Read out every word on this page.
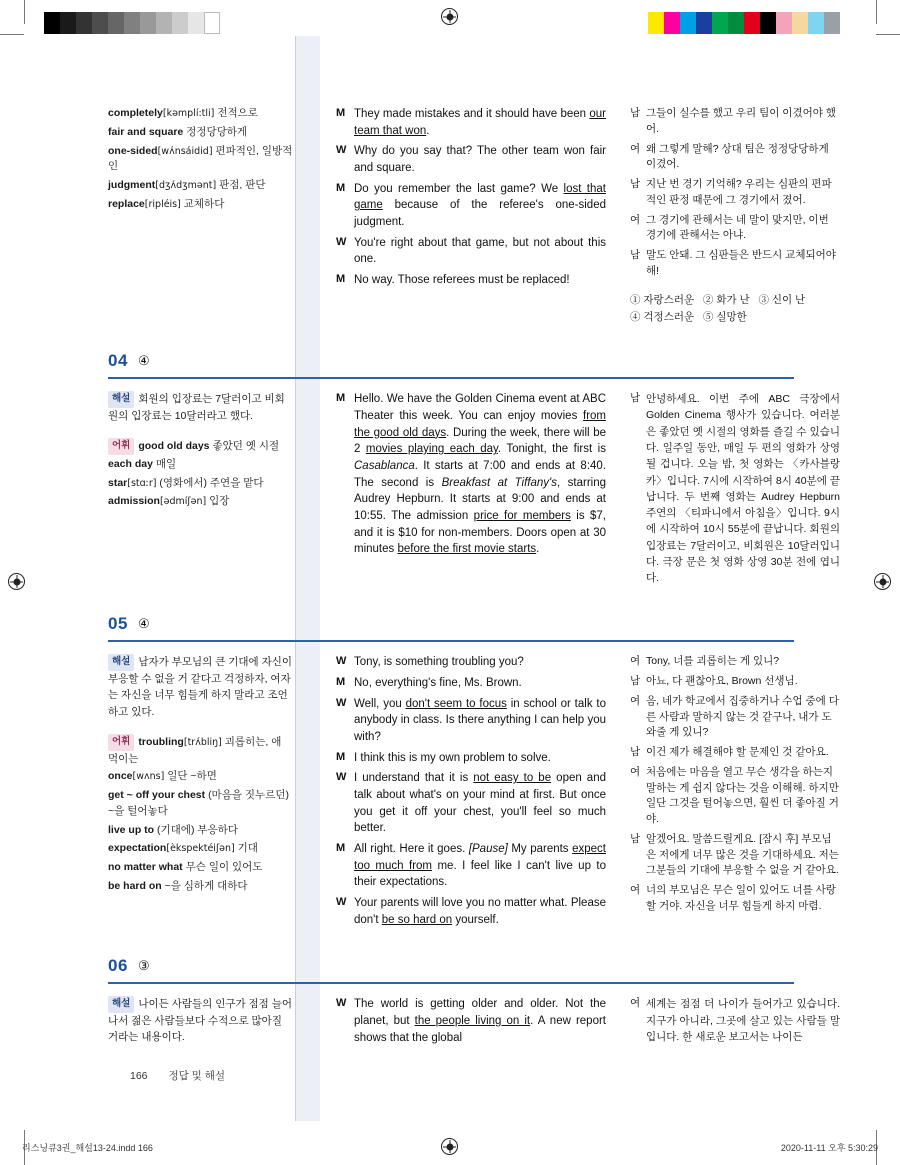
completely[kəmplí:tli] 전적으로
fair and square 정정당당하게
one-sided[wʌ́nsáidid] 편파적인, 일방적인
judgment[dʒʌ́dʒmənt] 판점, 판단
replace[ripléis] 교체하다
M They made mistakes and it should have been our team that won.
W Why do you say that? The other team won fair and square.
M Do you remember the last game? We lost that game because of the referee's one-sided judgment.
W You're right about that game, but not about this one.
M No way. Those referees must be replaced!
남 그들이 실수를 했고 우리 팀이 이겼어야 했어.
여 왜 그렇게 말해? 상대 팀은 정정당당하게 이겼어.
남 지난 번 경기 기억해? 우리는 심판의 편파적인 판정 때문에 그 경기에서 졌어.
여 그 경기에 관해서는 네 말이 맞지만, 이번 경기에 관해서는 아냐.
남 말도 안돼. 그 심판들은 반드시 교체되어야 해!
① 자랑스러운 ② 화가 난 ③ 신이 난
④ 걱정스러운 ⑤ 실망한
04 ④
해설 회원의 입장료는 7달러이고 비회원의 입장료는 10달러라고 했다.
어휘 good old days 좋았던 옛 시절
each day 매일
star[stɑːr] (영화에서) 주연을 맡다
admission[ədmíʃən] 입장
M Hello. We have the Golden Cinema event at ABC Theater this week. You can enjoy movies from the good old days. During the week, there will be 2 movies playing each day. Tonight, the first is Casablanca. It starts at 7:00 and ends at 8:40. The second is Breakfast at Tiffany's, starring Audrey Hepburn. It starts at 9:00 and ends at 10:55. The admission price for members is $7, and it is $10 for non-members. Doors open at 30 minutes before the first movie starts.
남 안녕하세요. 이번 주에 ABC 극장에서 Golden Cinema 행사가 있습니다. 여러분은 좋았던 옛 시절의 영화를 즐길 수 있습니다. 일주일 동안, 매일 두 편의 영화가 상영될 겁니다. 오늘 밤, 첫 영화는 〈카사블랑카〉입니다. 7시에 시작하여 8시 40분에 끝납니다. 두 번째 영화는 Audrey Hepburn 주연의 〈티파니에서 아침을〉입니다. 9시에 시작하여 10시 55분에 끝납니다. 회원의 입장료는 7달러이고, 비회원은 10달러입니다. 극장 문은 첫 영화 상영 30분 전에 엽니다.
05 ④
해설 남자가 부모님의 큰 기대에 자신이 부응할 수 없을 거 같다고 걱정하자, 여자는 자신을 너무 힘들게 하지 말라고 조언하고 있다.
어휘 troubling[trʌ́bliŋ] 괴롭히는, 애 먹이는
once[wʌns] 일단 ~하면
get ~ off your chest (마음을 짓누르던) ~을 털어놓다
live up to (기대에) 부응하다
expectation[èkspektéiʃən] 기대
no matter what 무슨 일이 있어도
be hard on ~을 심하게 대하다
W Tony, is something troubling you?
M No, everything's fine, Ms. Brown.
W Well, you don't seem to focus in school or talk to anybody in class. Is there anything I can help you with?
M I think this is my own problem to solve.
W I understand that it is not easy to be open and talk about what's on your mind at first. But once you get it off your chest, you'll feel so much better.
M All right. Here it goes. [Pause] My parents expect too much from me. I feel like I can't live up to their expectations.
W Your parents will love you no matter what. Please don't be so hard on yourself.
여 Tony, 너를 괴롭히는 게 있니?
남 아뇨, 다 괜찮아요, Brown 선생님.
여 음, 네가 학교에서 집중하거나 수업 중에 다른 사람과 말하지 않는 것 같구나, 내가 도와줄 게 있니?
남 이건 제가 해결해야 할 문제인 것 같아요.
여 처음에는 마음을 열고 무슨 생각을 하는지 말하는 게 쉽지 않다는 것을 이해해. 하지만 일단 그것을 털어놓으면, 훨씬 더 좋아질 거야.
남 알겠어요. 말씀드릴게요. [잠시 후] 부모님은 저에게 너무 많은 것을 기대하세요. 저는 그분들의 기대에 부응할 수 없을 거 같아요.
여 너의 부모님은 무슨 일이 있어도 너를 사랑할 거야. 자신을 너무 힘들게 하지 마렴.
06 ③
해설 나이든 사람들의 인구가 점점 늘어나서 젊은 사람들보다 수적으로 많아질 거라는 내용이다.
W The world is getting older and older. Not the planet, but the people living on it. A new report shows that the global
여 세계는 점점 더 나이가 들어가고 있습니다. 지구가 아니라, 그곳에 살고 있는 사람들 말입니다. 한 새로운 보고서는 나이든
166 정답 및 해설
리스닝큐3권_해설13-24.indd 166	2020-11-11 오후 5:30:29
